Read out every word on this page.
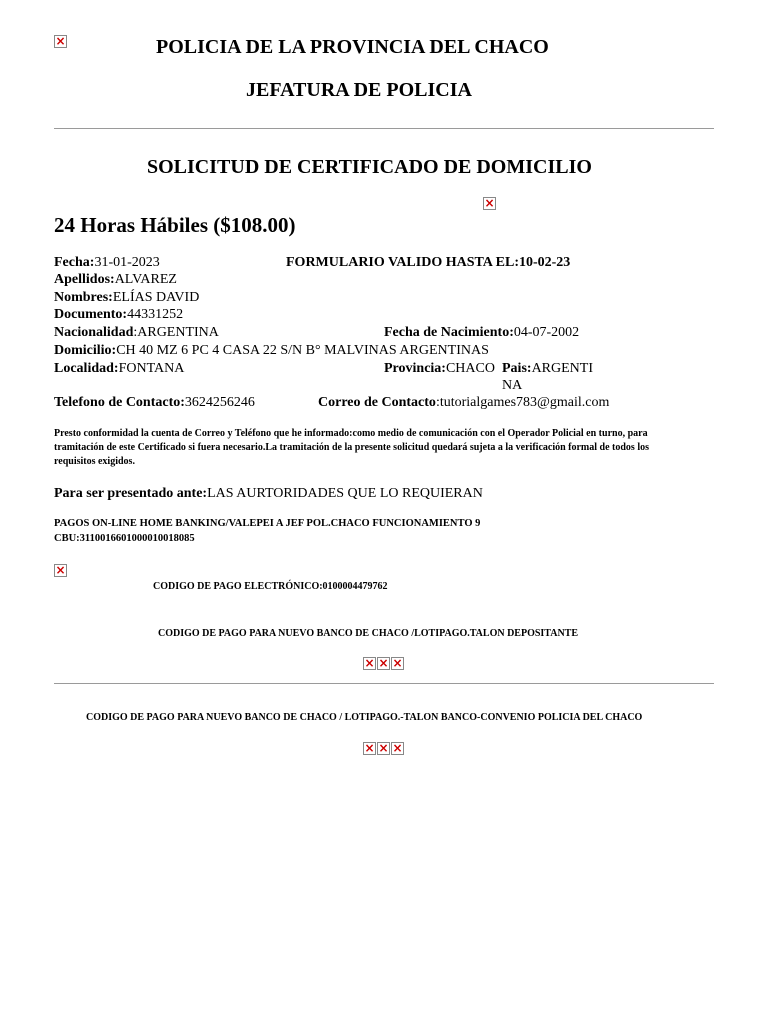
×
POLICIA DE LA PROVINCIA DEL CHACO
JEFATURA DE POLICIA
SOLICITUD DE CERTIFICADO DE DOMICILIO
×
24 Horas Hábiles ($108.00)
Fecha:31-01-2023	FORMULARIO VALIDO HASTA EL:10-02-23
Apellidos:ALVAREZ
Nombres:ELÍAS DAVID
Documento:44331252
Nacionalidad:ARGENTINA	Fecha de Nacimiento:04-07-2002
Domicilio:CH 40 MZ 6 PC 4 CASA 22 S/N B° MALVINAS ARGENTINAS
Localidad:FONTANA	Provincia:CHACO Pais:ARGENTI
NA
Telefono de Contacto:3624256246	Correo de Contacto:tutorialgames783@gmail.com
Presto conformidad la cuenta de Correo y Teléfono que he informado:como medio de comunicación con el Operador Policial en turno, para
tramitación de este Certificado si fuera necesario.La tramitación de la presente solicitud quedará sujeta a la verificación formal de todos los
requisitos exigidos.
Para ser presentado ante:LAS AURTORIDADES QUE LO REQUIERAN
PAGOS ON-LINE HOME BANKING/VALEPEI A JEF POL.CHACO FUNCIONAMIENTO 9
CBU:3110016601000010018085
×
CODIGO DE PAGO ELECTRÓNICO:0100004479762
CODIGO DE PAGO PARA NUEVO BANCO DE CHACO /LOTIPAGO.TALON DEPOSITANTE
×
×
×
CODIGO DE PAGO PARA NUEVO BANCO DE CHACO / LOTIPAGO.-TALON BANCO-CONVENIO POLICIA DEL CHACO
×
×
×
